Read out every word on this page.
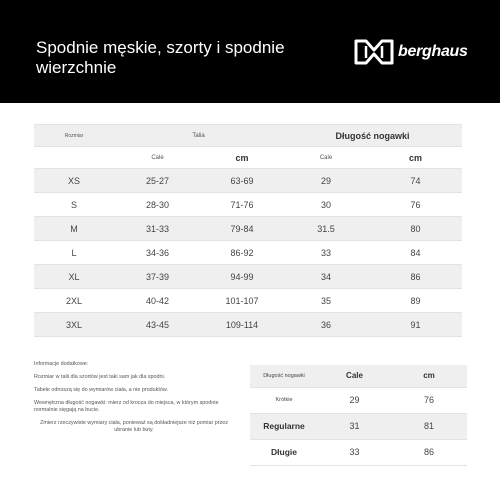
Spodnie męskie, szorty i spodnie wierzchnie
berghaus
Rozmiar	Talia		Długość nogawki	
	Cale	cm	Cale	cm
XS	25-27	63-69	29	74
S	28-30	71-76	30	76
M	31-33	79-84	31.5	80
L	34-36	86-92	33	84
XL	37-39	94-99	34	86
2XL	40-42	101-107	35	89
3XL	43-45	109-114	36	91

Informacje dodatkowe:

Rozmiar w talii dla szortów jest taki sam jak dla spodni.

Tabele odnoszą się do wymiarów ciała, a nie produktów.

Wewnętrzna długość nogawki: mierz od krocza do miejsca, w którym spodnie normalnie sięgają na bucie.

Zmierz rzeczywiste wymiary ciała, ponieważ są dokładniejsze niż pomiar przez ubranie lub buty.

Długość nogawki	Cale	cm
Krótkie	29	76
Regularne	31	81
Długie	33	86
